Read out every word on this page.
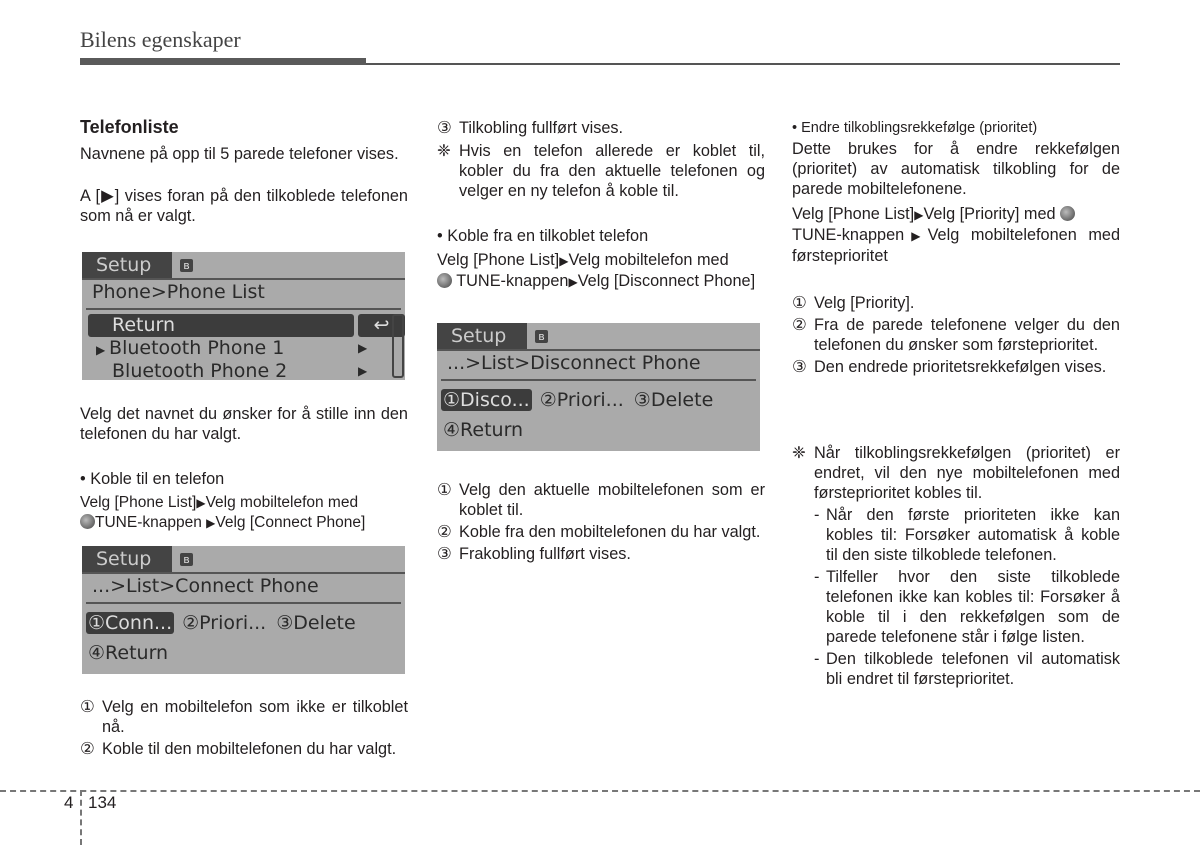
Bilens egenskaper
Telefonliste
Navnene på opp til 5 parede telefoner vises.
A [▶] vises foran på den tilkoblede telefonen som nå er valgt.
Setup	ʙ
Phone>Phone List
Return	↩
▶ Bluetooth Phone 1	▶
Bluetooth Phone 2	▶
Velg det navnet du ønsker for å stille inn den telefonen du har valgt.
• Koble til en telefon
Velg [Phone List]▶Velg mobiltelefon med
TUNE-knappen ▶Velg [Connect Phone]
Setup	ʙ
...>List>Connect Phone
①Conn... ②Priori... ③Delete
④Return
① Velg en mobiltelefon som ikke er tilkoblet nå.
② Koble til den mobiltelefonen du har valgt.
③ Tilkobling fullført vises.
❈ Hvis en telefon allerede er koblet til, kobler du fra den aktuelle telefonen og velger en ny telefon å koble til.
• Koble fra en tilkoblet telefon
Velg [Phone List]▶Velg mobiltelefon med
TUNE-knappen▶Velg [Disconnect Phone]
Setup	ʙ
...>List>Disconnect Phone
①Disco... ②Priori... ③Delete
④Return
① Velg den aktuelle mobiltelefonen som er koblet til.
② Koble fra den mobiltelefonen du har valgt.
③ Frakobling fullført vises.
• Endre tilkoblingsrekkefølge (prioritet)
Dette brukes for å endre rekkefølgen (prioritet) av automatisk tilkobling for de parede mobiltelefonene.
Velg [Phone List]▶Velg [Priority] med
TUNE-knappen▶Velg mobiltelefonen med førsteprioritet
① Velg [Priority].
② Fra de parede telefonene velger du den telefonen du ønsker som førsteprioritet.
③ Den endrede prioritetsrekkefølgen vises.
❈ Når tilkoblingsrekkefølgen (prioritet) er endret, vil den nye mobiltelefonen med førsteprioritet kobles til.
- Når den første prioriteten ikke kan kobles til: Forsøker automatisk å koble til den siste tilkoblede telefonen.
- Tilfeller hvor den siste tilkoblede telefonen ikke kan kobles til: Forsøker å koble til i den rekkefølgen som de parede telefonene står i følge listen.
- Den tilkoblede telefonen vil automatisk bli endret til førsteprioritet.
4 134
